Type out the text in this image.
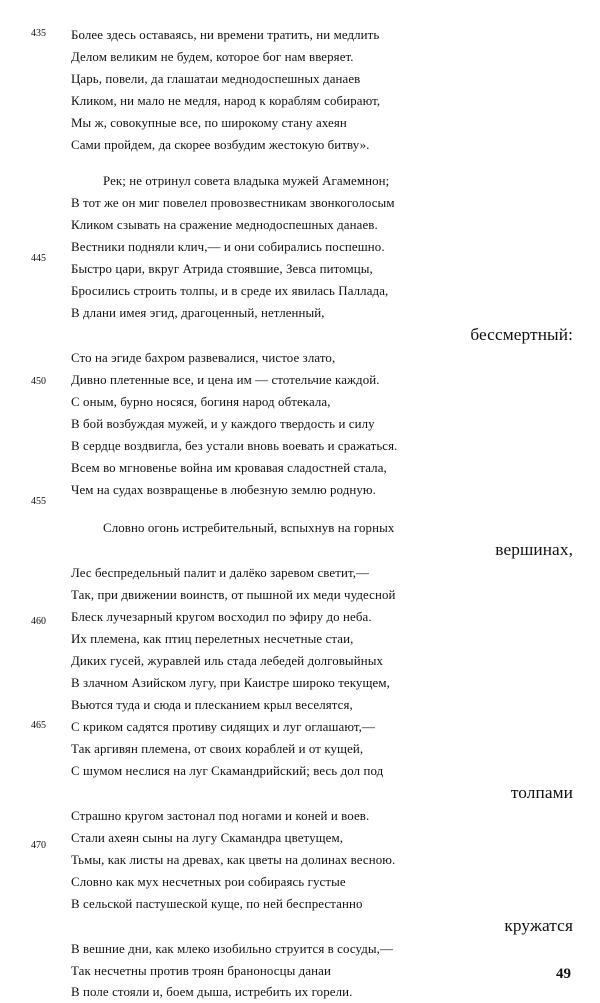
435
445
450
455
460
465
470
Более здесь оставаясь, ни времени тратить, ни медлить
Делом великим не будем, которое бог нам вверяет.
Царь, повели, да глашатаи меднодоспешных данаев
Кликом, ни мало не медля, народ к кораблям собирают,
Мы ж, совокупные все, по широкому стану ахеян
Сами пройдем, да скорее возбудим жестокую битву».
Рек; не отринул совета владыка мужей Агамемнон;
В тот же он миг повелел провозвестникам звонкоголосым
Кликом сзывать на сражение меднодоспешных данаев.
Вестники подняли клич,— и они собирались поспешно.
Быстро цари, вкруг Атрида стоявшие, Зевса питомцы,
Бросились строить толпы, и в среде их явилась Паллада,
В длани имея эгид, драгоценный, нетленный,
бессмертный:
Сто на эгиде бахром развевалися, чистое злато,
Дивно плетенные все, и цена им — стотельчие каждой.
С оным, бурно носяся, богиня народ обтекала,
В бой возбуждая мужей, и у каждого твердость и силу
В сердце воздвигла, без устали вновь воевать и сражаться.
Всем во мгновенье война им кровавая сладостней стала,
Чем на судах возвращенье в любезную землю родную.
Словно огонь истребительный, вспыхнув на горных
вершинах,
Лес беспредельный палит и далёко заревом светит,—
Так, при движении воинств, от пышной их меди чудесной
Блеск лучезарный кругом восходил по эфиру до неба.
Их племена, как птиц перелетных несчетные стаи,
Диких гусей, журавлей иль стада лебедей долговыйных
В злачном Азийском лугу, при Каистре широко текущем,
Вьются туда и сюда и плесканием крыл веселятся,
С криком садятся противу сидящих и луг оглашают,—
Так аргивян племена, от своих кораблей и от кущей,
С шумом неслися на луг Скамандрийский; весь дол под
толпами
Страшно кругом застонал под ногами и коней и воев.
Стали ахеян сыны на лугу Скамандра цветущем,
Тьмы, как листы на древах, как цветы на долинах весною.
Словно как мух несчетных рои собираясь густые
В сельской пастушеской куще, по ней беспрестанно
кружатся
В вешние дни, как млеко изобильно струится в сосуды,—
Так несчетны против троян браноносцы данаи
В поле стояли и, боем дыша, истребить их горели.
49
